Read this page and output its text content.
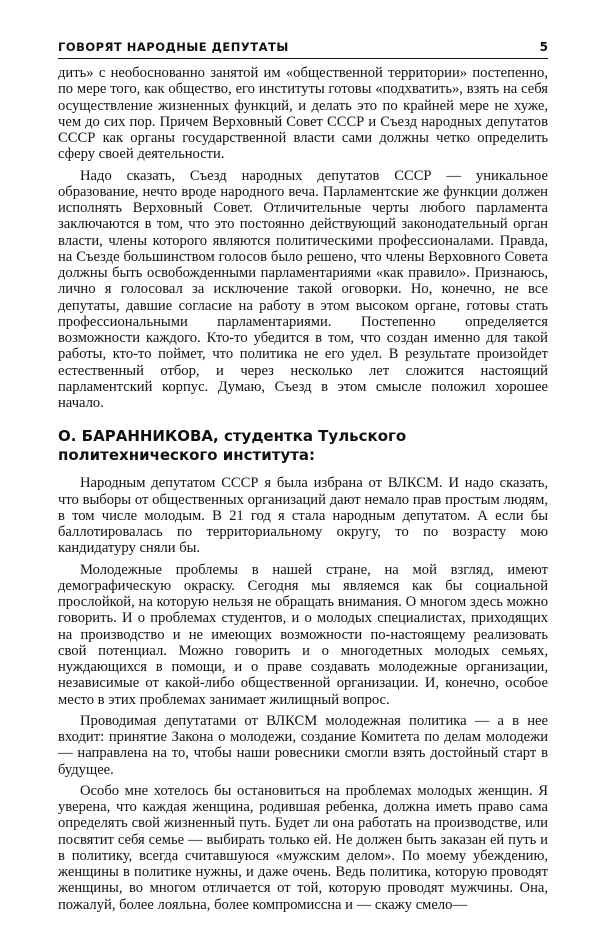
ГОВОРЯТ НАРОДНЫЕ ДЕПУТАТЫ	5

дить» с необоснованно занятой им «общественной территории» постепенно, по мере того, как общество, его институты готовы «подхватить», взять на себя осуществление жизненных функций, и делать это по крайней мере не хуже, чем до сих пор. Причем Верховный Совет СССР и Съезд народных депутатов СССР как органы государственной власти сами должны четко определить сферу своей деятельности.

Надо сказать, Съезд народных депутатов СССР — уникальное образование, нечто вроде народного веча. Парламентские же функции должен исполнять Верховный Совет. Отличительные черты любого парламента заключаются в том, что это постоянно действующий законодательный орган власти, члены которого являются политическими профессионалами. Правда, на Съезде большинством голосов было решено, что члены Верховного Совета должны быть освобожденными парламентариями «как правило». Признаюсь, лично я голосовал за исключение такой оговорки. Но, конечно, не все депутаты, давшие согласие на работу в этом высоком органе, готовы стать профессиональными парламентариями. Постепенно определяется возможности каждого. Кто-то убедится в том, что создан именно для такой работы, кто-то поймет, что политика не его удел. В результате произойдет естественный отбор, и через несколько лет сложится настоящий парламентский корпус. Думаю, Съезд в этом смысле положил хорошее начало.

О. БАРАННИКОВА, студентка Тульского политехнического института:

Народным депутатом СССР я была избрана от ВЛКСМ. И надо сказать, что выборы от общественных организаций дают немало прав простым людям, в том числе молодым. В 21 год я стала народным депутатом. А если бы баллотировалась по территориальному округу, то по возрасту мою кандидатуру сняли бы.

Молодежные проблемы в нашей стране, на мой взгляд, имеют демографическую окраску. Сегодня мы являемся как бы социальной прослойкой, на которую нельзя не обращать внимания. О многом здесь можно говорить. И о проблемах студентов, и о молодых специалистах, приходящих на производство и не имеющих возможности по-настоящему реализовать свой потенциал. Можно говорить и о многодетных молодых семьях, нуждающихся в помощи, и о праве создавать молодежные организации, независимые от какой-либо общественной организации. И, конечно, особое место в этих проблемах занимает жилищный вопрос.

Проводимая депутатами от ВЛКСМ молодежная политика — а в нее входит: принятие Закона о молодежи, создание Комитета по делам молодежи — направлена на то, чтобы наши ровесники смогли взять достойный старт в будущее.

Особо мне хотелось бы остановиться на проблемах молодых женщин. Я уверена, что каждая женщина, родившая ребенка, должна иметь право сама определять свой жизненный путь. Будет ли она работать на производстве, или посвятит себя семье — выбирать только ей. Не должен быть заказан ей путь и в политику, всегда считавшуюся «мужским делом». По моему убеждению, женщины в политике нужны, и даже очень. Ведь политика, которую проводят женщины, во многом отличается от той, которую проводят мужчины. Она, пожалуй, более лояльна, более компромиссна и — скажу смело—
